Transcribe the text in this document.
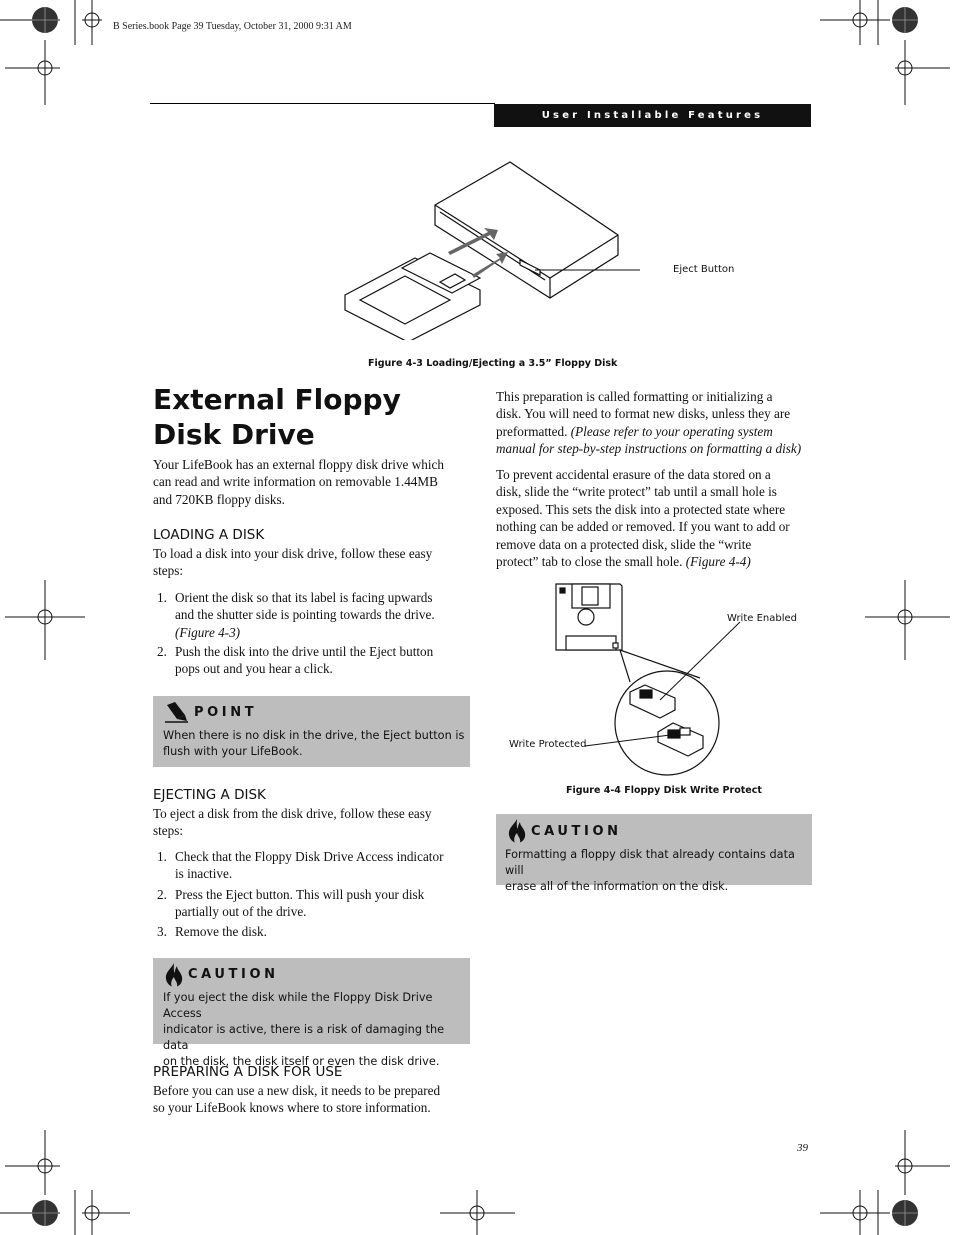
B Series.book Page 39 Tuesday, October 31, 2000 9:31 AM
User Installable Features
Eject Button
Figure 4-3 Loading/Ejecting a 3.5” Floppy Disk
External Floppy Disk Drive
Your LifeBook has an external floppy disk drive which
can read and write information on removable 1.44MB
and 720KB floppy disks.
LOADING A DISK
To load a disk into your disk drive, follow these easy
steps:
1. Orient the disk so that its label is facing upwards
and the shutter side is pointing towards the drive.
(Figure 4-3)
2. Push the disk into the drive until the Eject button
pops out and you hear a click.
POINT
When there is no disk in the drive, the Eject button is
flush with your LifeBook.
EJECTING A DISK
To eject a disk from the disk drive, follow these easy
steps:
1. Check that the Floppy Disk Drive Access indicator
is inactive.
2. Press the Eject button. This will push your disk
partially out of the drive.
3. Remove the disk.
CAUTION
If you eject the disk while the Floppy Disk Drive Access
indicator is active, there is a risk of damaging the data
on the disk, the disk itself or even the disk drive.
PREPARING A DISK FOR USE
Before you can use a new disk, it needs to be prepared
so your LifeBook knows where to store information.
This preparation is called formatting or initializing a
disk. You will need to format new disks, unless they are
preformatted. (Please refer to your operating system
manual for step-by-step instructions on formatting a disk)
To prevent accidental erasure of the data stored on a
disk, slide the “write protect” tab until a small hole is
exposed. This sets the disk into a protected state where
nothing can be added or removed. If you want to add or
remove data on a protected disk, slide the “write
protect” tab to close the small hole. (Figure 4-4)
Write Enabled
Write Protected
Figure 4-4 Floppy Disk Write Protect
CAUTION
Formatting a floppy disk that already contains data will
erase all of the information on the disk.
39
